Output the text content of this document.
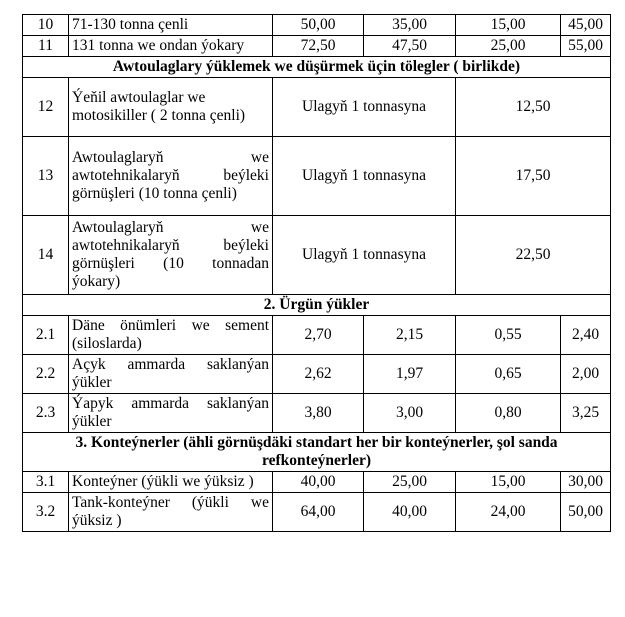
10	71-130 tonna çenli	50,00	35,00	15,00	45,00
11	131 tonna we ondan ýokary	72,50	47,50	25,00	55,00
Awtoulaglary ýüklemek we düşürmek üçin tölegler ( birlikde)					
12	Ýeňil awtoulaglar we motosikiller ( 2 tonna çenli)	Ulagyň 1 tonnasyna		12,50	
13	Awtoulaglaryň we awtotehnikalaryň beýleki görnüşleri (10 tonna çenli)	Ulagyň 1 tonnasyna		17,50	
14	Awtoulaglaryň we awtotehnikalaryň beýleki görnüşleri (10 tonnadan ýokary)	Ulagyň 1 tonnasyna		22,50	
2. Ürgün ýükler					
2.1	Däne önümleri we sement (siloslarda)	2,70	2,15	0,55	2,40
2.2	Açyk ammarda saklanýan ýükler	2,62	1,97	0,65	2,00
2.3	Ýapyk ammarda saklanýan ýükler	3,80	3,00	0,80	3,25
3. Konteýnerler (ähli görnüşdäki standart her bir konteýnerler, şol sanda refkonteýnerler)					
3.1	Konteýner (ýükli we ýüksiz )	40,00	25,00	15,00	30,00
3.2	Tank-konteýner (ýükli we ýüksiz )	64,00	40,00	24,00	50,00
